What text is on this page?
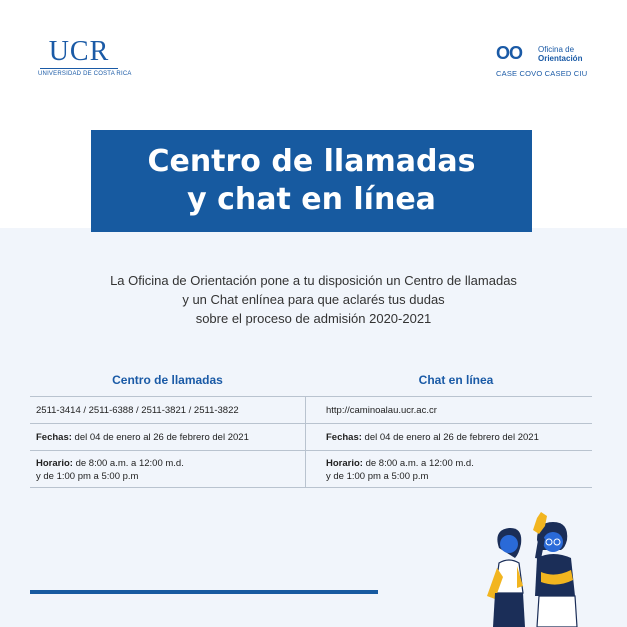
UCR
UNIVERSIDAD DE COSTA RICA
OO Oficina de
Orientación
CASE COVO CASED CIU
Centro de llamadas
y chat en línea
La Oficina de Orientación pone a tu disposición un Centro de llamadas
y un Chat enlínea para que aclarés tus dudas
sobre el proceso de admisión 2020-2021
Centro de llamadas	Chat en línea
2511-3414 / 2511-6388 / 2511-3821 / 2511-3822
Fechas: del 04 de enero al 26 de febrero del 2021
Horario: de 8:00 a.m. a 12:00 m.d.
y de 1:00 pm a 5:00 p.m
http://caminoalau.ucr.ac.cr
Fechas: del 04 de enero al 26 de febrero del 2021
Horario: de 8:00 a.m. a 12:00 m.d.
y de 1:00 pm a 5:00 p.m
